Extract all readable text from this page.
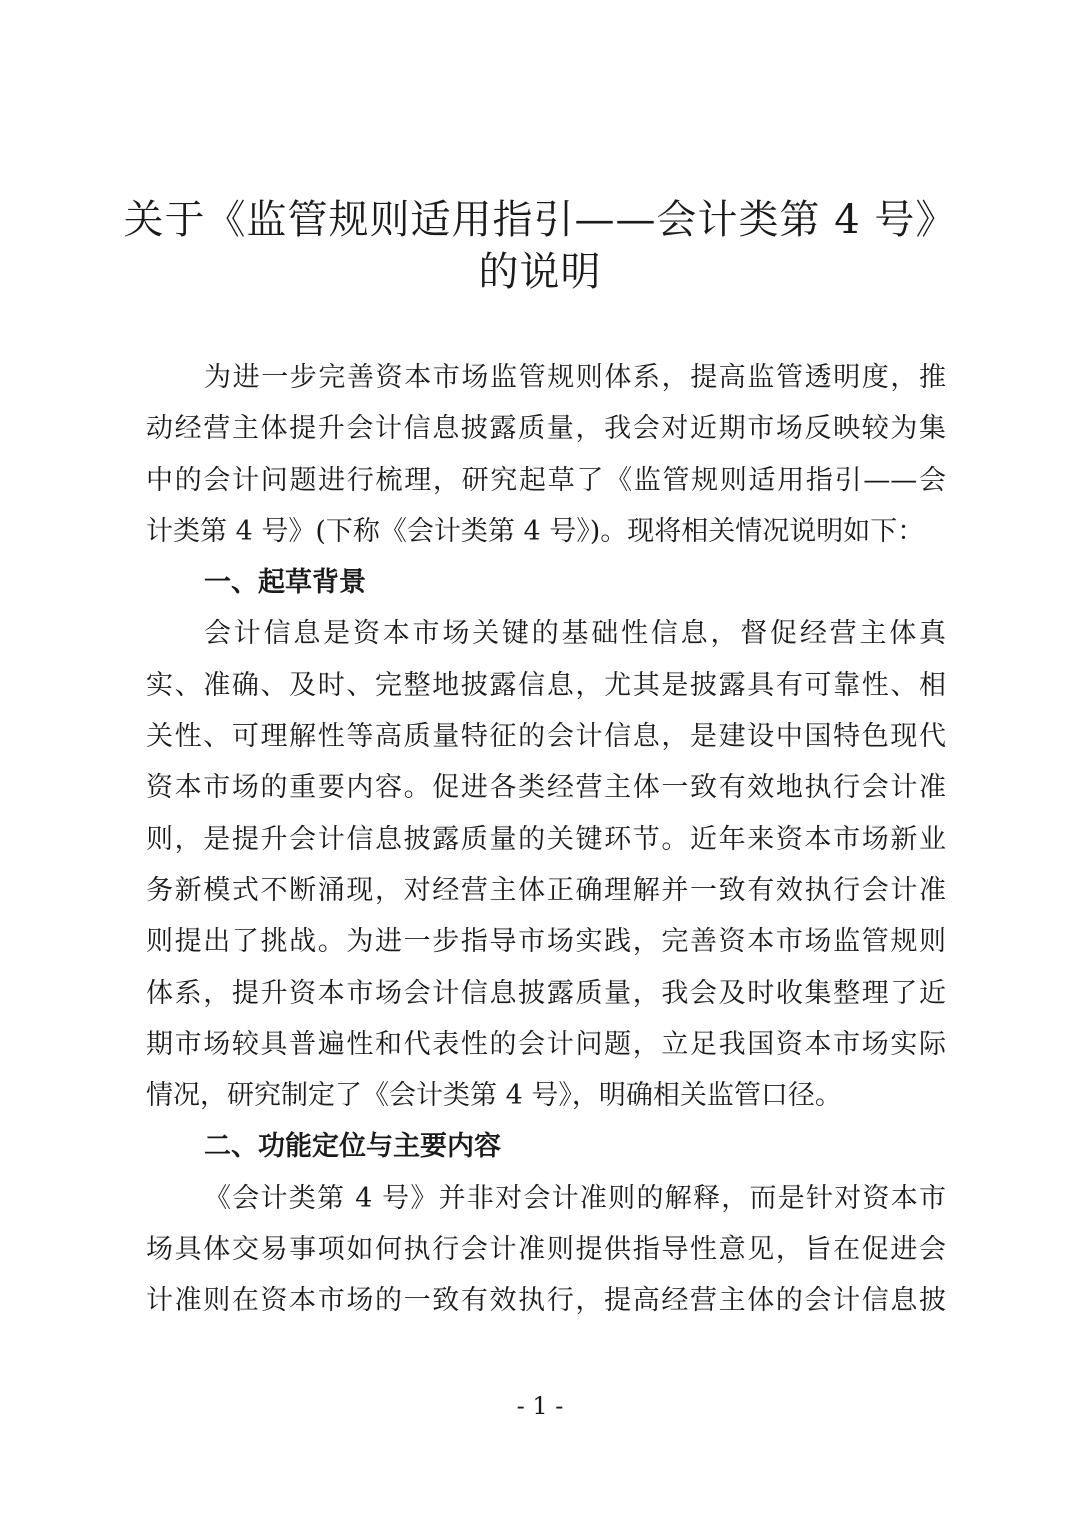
关于《监管规则适用指引——会计类第 4 号》
的说明
为进一步完善资本市场监管规则体系，提高监管透明度，推
动经营主体提升会计信息披露质量，我会对近期市场反映较为集
中的会计问题进行梳理，研究起草了《监管规则适用指引——会
计类第 4 号》(下称《会计类第 4 号》)。现将相关情况说明如下：
一、起草背景
会计信息是资本市场关键的基础性信息，督促经营主体真
实、准确、及时、完整地披露信息，尤其是披露具有可靠性、相
关性、可理解性等高质量特征的会计信息，是建设中国特色现代
资本市场的重要内容。促进各类经营主体一致有效地执行会计准
则，是提升会计信息披露质量的关键环节。近年来资本市场新业
务新模式不断涌现，对经营主体正确理解并一致有效执行会计准
则提出了挑战。为进一步指导市场实践，完善资本市场监管规则
体系，提升资本市场会计信息披露质量，我会及时收集整理了近
期市场较具普遍性和代表性的会计问题，立足我国资本市场实际
情况，研究制定了《会计类第 4 号》，明确相关监管口径。
二、功能定位与主要内容
《会计类第 4 号》并非对会计准则的解释，而是针对资本市
场具体交易事项如何执行会计准则提供指导性意见，旨在促进会
计准则在资本市场的一致有效执行，提高经营主体的会计信息披
- 1 -
